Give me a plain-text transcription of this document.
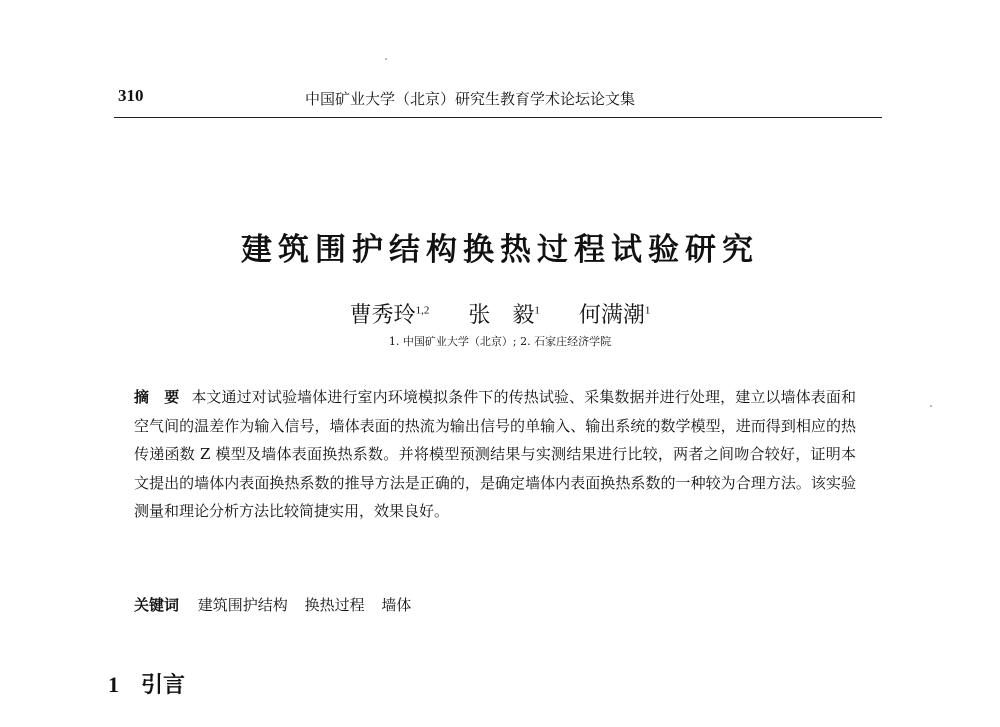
310	中国矿业大学（北京）研究生教育学术论坛论文集
建筑围护结构换热过程试验研究
曹秀玲$^{1,2}$ 张　毅$^1$ 何满潮$^1$
1. 中国矿业大学（北京）; 2. 石家庄经济学院
摘　要 本文通过对试验墙体进行室内环境模拟条件下的传热试验、采集数据并进行处理，建立以墙体表面和空气间的温差作为输入信号，墙体表面的热流为输出信号的单输入、输出系统的数学模型，进而得到相应的热传递函数 Z 模型及墙体表面换热系数。并将模型预测结果与实测结果进行比较，两者之间吻合较好，证明本文提出的墙体内表面换热系数的推导方法是正确的，是确定墙体内表面换热系数的一种较为合理方法。该实验测量和理论分析方法比较简捷实用，效果良好。
关键词 建筑围护结构 换热过程 墙体
1 引言
